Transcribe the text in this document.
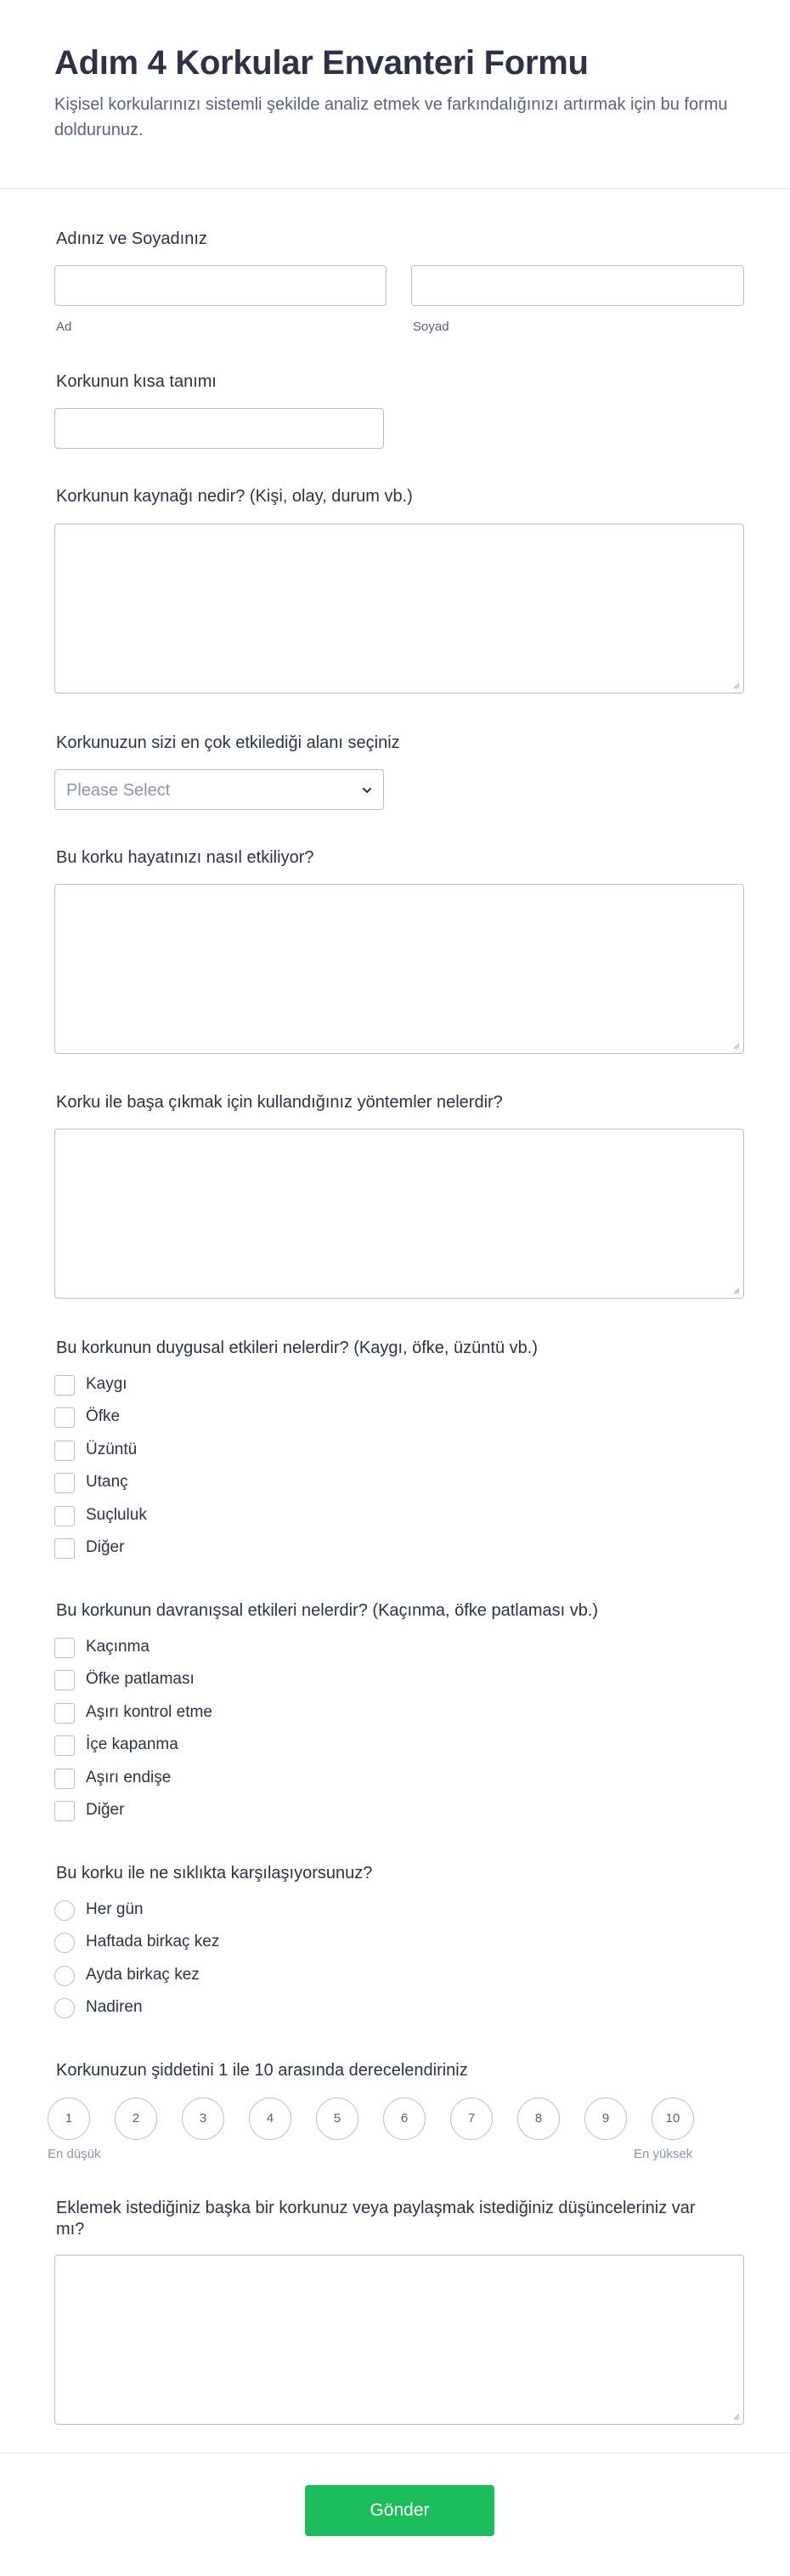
Adım 4 Korkular Envanteri Formu

Kişisel korkularınızı sistemli şekilde analiz etmek ve farkındalığınızı artırmak için bu formu doldurunuz.

Adınız ve Soyadınız
Ad	Soyad
Korkunun kısa tanımı
Korkunun kaynağı nedir? (Kişi, olay, durum vb.)
Korkunuzun sizi en çok etkilediği alanı seçiniz
Please Select
Bu korku hayatınızı nasıl etkiliyor?
Korku ile başa çıkmak için kullandığınız yöntemler nelerdir?
Bu korkunun duygusal etkileri nelerdir? (Kaygı, öfke, üzüntü vb.)
Kaygı
Öfke
Üzüntü
Utanç
Suçluluk
Diğer
Bu korkunun davranışsal etkileri nelerdir? (Kaçınma, öfke patlaması vb.)
Kaçınma
Öfke patlaması
Aşırı kontrol etme
İçe kapanma
Aşırı endişe
Diğer
Bu korku ile ne sıklıkta karşılaşıyorsunuz?
Her gün
Haftada birkaç kez
Ayda birkaç kez
Nadiren
Korkunuzun şiddetini 1 ile 10 arasında derecelendiriniz
1	2	3	4	5	6	7	8	9	10
En düşük	En yüksek
Eklemek istediğiniz başka bir korkunuz veya paylaşmak istediğiniz düşünceleriniz var
mı?
Gönder
